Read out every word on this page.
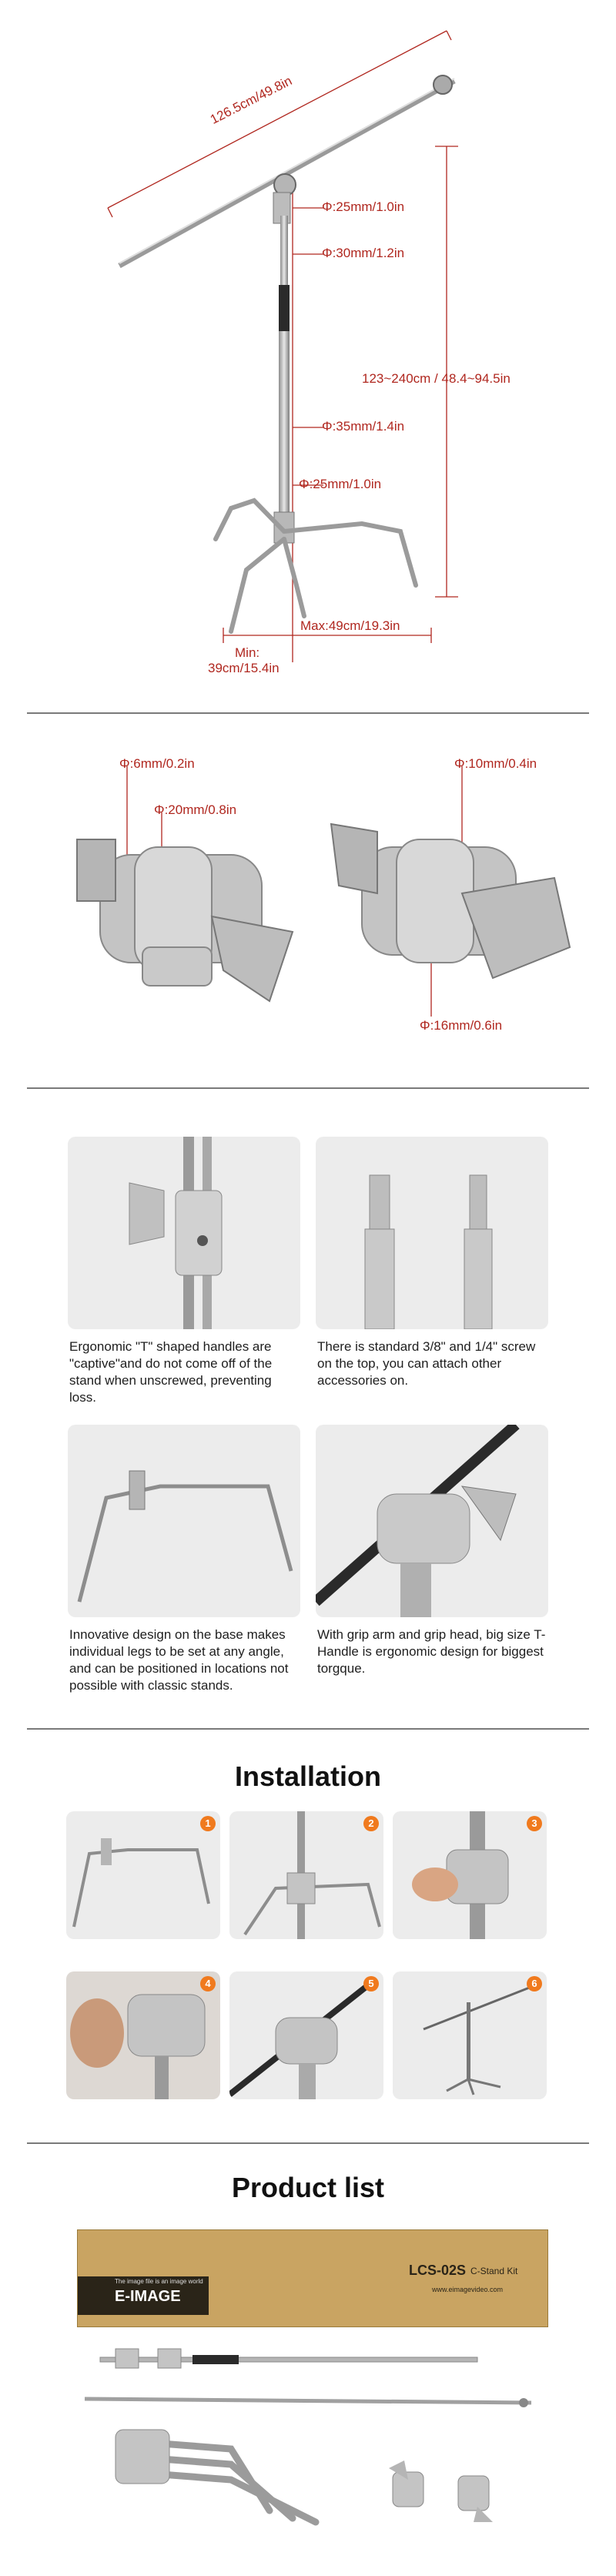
126.5cm/49.8in
Φ:25mm/1.0in
Φ:30mm/1.2in
123~240cm / 48.4~94.5in
Φ:35mm/1.4in
Φ:25mm/1.0in
Max:49cm/19.3in
Min:
39cm/15.4in
Φ:6mm/0.2in
Φ:20mm/0.8in
Φ:10mm/0.4in
Φ:16mm/0.6in
Ergonomic "T" shaped handles are "captive"and do not come off of the stand when unscrewed, preventing loss.
There is standard 3/8" and 1/4" screw on the top, you can attach other accessories on.
Innovative design on the base makes individual legs to be set at any angle, and can be positioned in locations not possible with classic stands.
With grip arm and grip head, big size T-Handle is ergonomic design for biggest torgque.
Installation
1	2	3
4	5	6
Product list
The image file is an image world
E-IMAGE
LCS-02S C-Stand Kit
www.eimagevideo.com
